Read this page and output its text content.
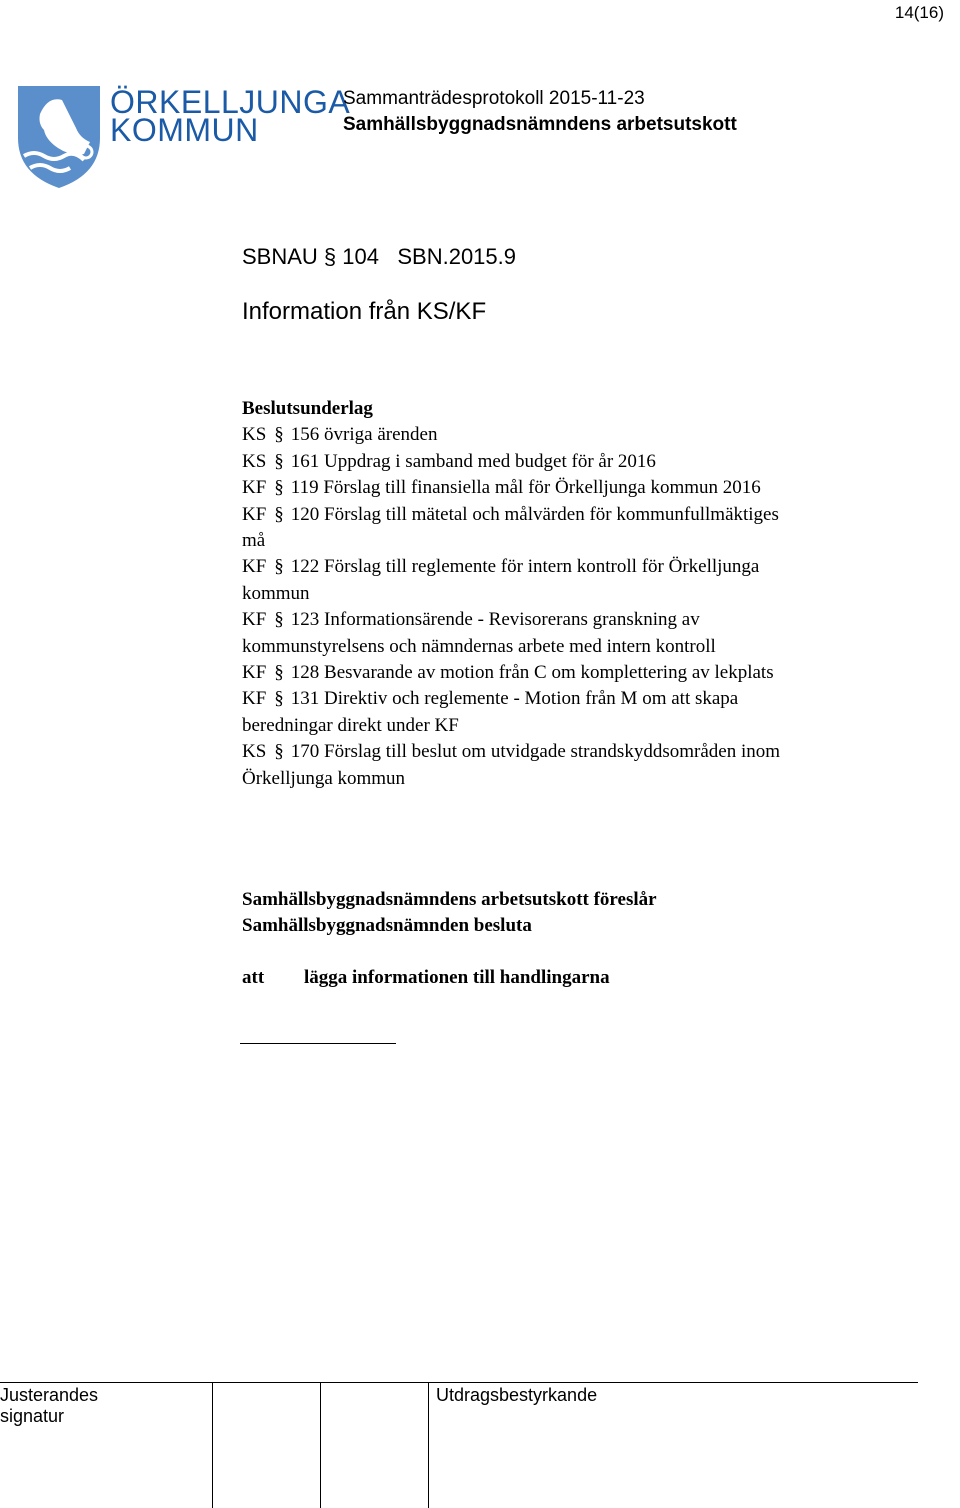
14(16)
ÖRKELLJUNGA
KOMMUN
Sammanträdesprotokoll 2015-11-23
Samhällsbyggnadsnämndens arbetsutskott
SBNAU § 104 SBN.2015.9
Information från KS/KF
Beslutsunderlag
KS § 156 övriga ärenden
KS § 161 Uppdrag i samband med budget för år 2016
KF § 119 Förslag till finansiella mål för Örkelljunga kommun 2016
KF § 120 Förslag till mätetal och målvärden för kommunfullmäktiges
må
KF § 122 Förslag till reglemente för intern kontroll för Örkelljunga
kommun
KF § 123 Informationsärende - Revisorerans granskning av
kommunstyrelsens och nämndernas arbete med intern kontroll
KF § 128 Besvarande av motion från C om komplettering av lekplats
KF § 131 Direktiv och reglemente - Motion från M om att skapa
beredningar direkt under KF
KS § 170 Förslag till beslut om utvidgade strandskyddsområden inom
Örkelljunga kommun
Samhällsbyggnadsnämndens arbetsutskott föreslår
Samhällsbyggnadsnämnden besluta
att lägga informationen till handlingarna
Justerandes
signatur
Utdragsbestyrkande
